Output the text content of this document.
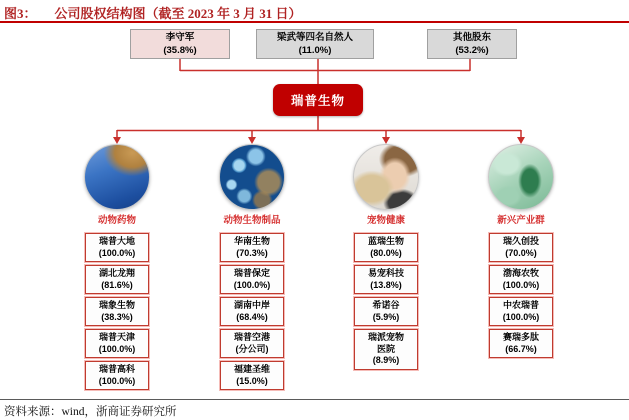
图3： 公司股权结构图（截至 2023 年 3 月 31 日）
李守军
(35.8%)
梁武等四名自然人
(11.0%)
其他股东
(53.2%)
瑞普生物
动物药物
瑞普大地
(100.0%)
湖北龙翔
(81.6%)
瑞象生物
(38.3%)
瑞普天津
(100.0%)
瑞普高科
(100.0%)
动物生物制品
华南生物
(70.3%)
瑞普保定
(100.0%)
湖南中岸
(68.4%)
瑞普空港
(分公司)
福建圣维
(15.0%)
宠物健康
蓝瑞生物
(80.0%)
易宠科技
(13.8%)
希诺谷
(5.9%)
瑞派宠物
医院
(8.9%)
新兴产业群
瑞久创投
(70.0%)
渤海农牧
(100.0%)
中农瑞普
(100.0%)
赛瑞多肽
(66.7%)
资料来源：wind，浙商证券研究所
